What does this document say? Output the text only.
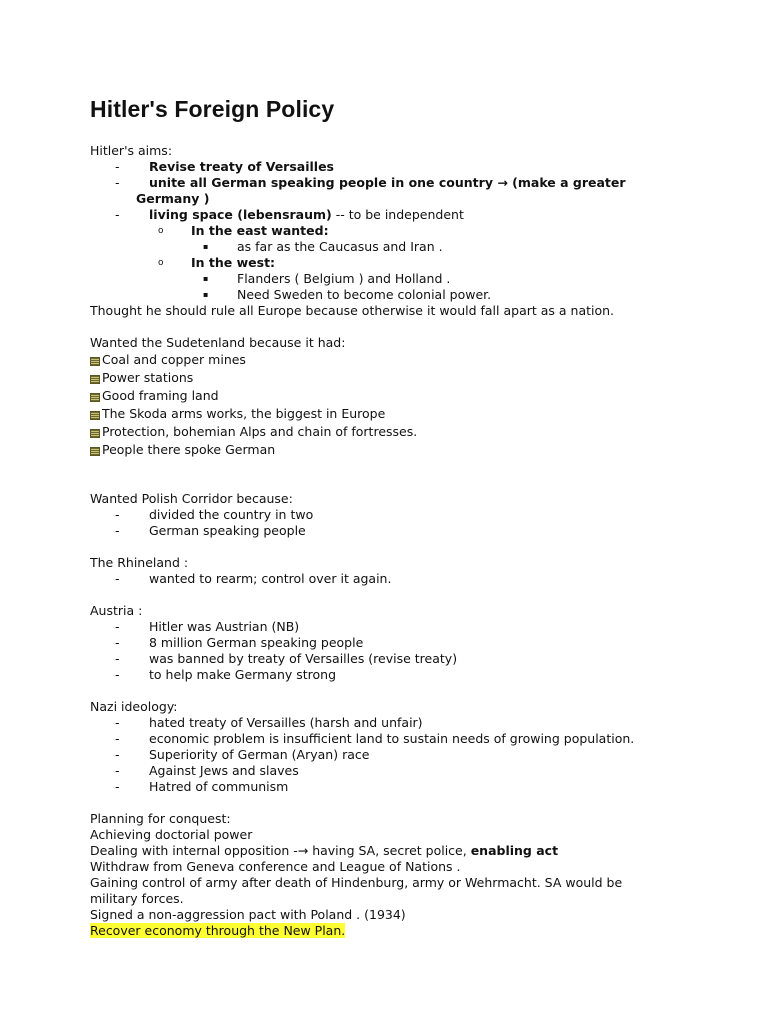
Hitler's Foreign Policy
Hitler's aims:
- Revise treaty of Versailles
- unite all German speaking people in one country → (make a greater
Germany )
- living space (lebensraum) -- to be independent
o In the east wanted:
▪ as far as the Caucasus and Iran .
o In the west:
▪ Flanders ( Belgium ) and Holland .
▪ Need Sweden to become colonial power.
Thought he should rule all Europe because otherwise it would fall apart as a nation.
Wanted the Sudetenland because it had:
Coal and copper mines
Power stations
Good framing land
The Skoda arms works, the biggest in Europe
Protection, bohemian Alps and chain of fortresses.
People there spoke German
Wanted Polish Corridor because:
- divided the country in two
- German speaking people
The Rhineland :
- wanted to rearm; control over it again.
Austria :
- Hitler was Austrian (NB)
- 8 million German speaking people
- was banned by treaty of Versailles (revise treaty)
- to help make Germany strong
Nazi ideology:
- hated treaty of Versailles (harsh and unfair)
- economic problem is insufficient land to sustain needs of growing population.
- Superiority of German (Aryan) race
- Against Jews and slaves
- Hatred of communism
Planning for conquest:
Achieving doctorial power
Dealing with internal opposition -→ having SA, secret police, enabling act
Withdraw from Geneva conference and League of Nations .
Gaining control of army after death of Hindenburg, army or Wehrmacht. SA would be military forces.
Signed a non-aggression pact with Poland . (1934)
Recover economy through the New Plan.
